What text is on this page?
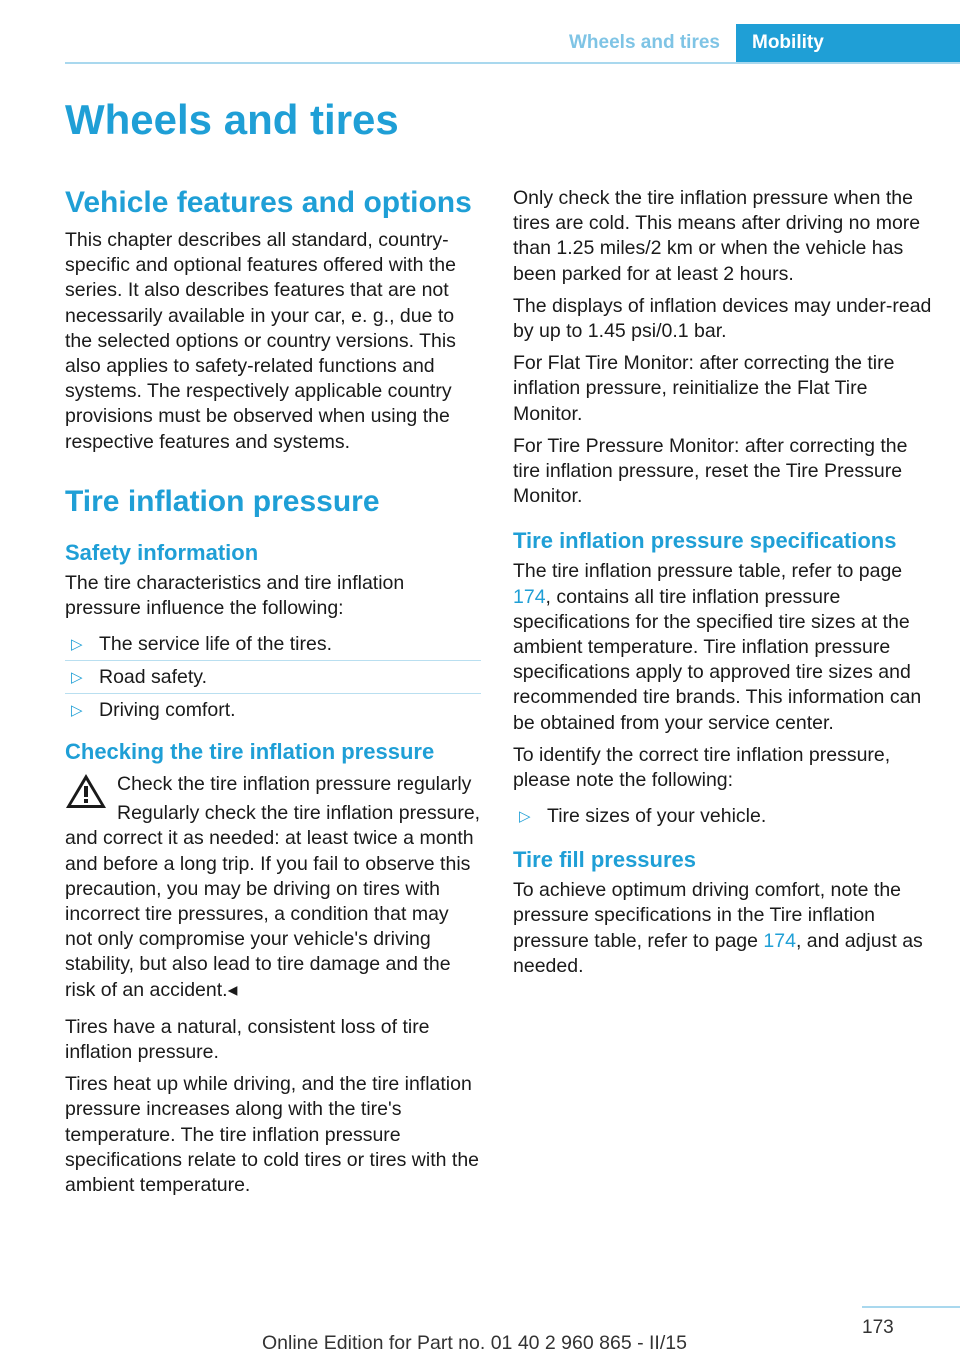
Wheels and tires	Mobility
Wheels and tires
Vehicle features and options

This chapter describes all standard, country-specific and optional features offered with the series. It also describes features that are not necessarily available in your car, e. g., due to the selected options or country versions. This also applies to safety-related functions and systems. The respectively applicable country provisions must be observed when using the respective features and systems.

Tire inflation pressure
Safety information

The tire characteristics and tire inflation pressure influence the following:

▷ The service life of the tires.
▷ Road safety.
▷ Driving comfort.
Checking the tire inflation pressure

Check the tire inflation pressure regularly

Regularly check the tire inflation pressure, and correct it as needed: at least twice a month and before a long trip. If you fail to observe this precaution, you may be driving on tires with incorrect tire pressures, a condition that may not only compromise your vehicle's driving stability, but also lead to tire damage and the risk of an accident.◂

Tires have a natural, consistent loss of tire inflation pressure.

Tires heat up while driving, and the tire inflation pressure increases along with the tire's temperature. The tire inflation pressure specifications relate to cold tires or tires with the ambient temperature.

Only check the tire inflation pressure when the tires are cold. This means after driving no more than 1.25 miles/2 km or when the vehicle has been parked for at least 2 hours.

The displays of inflation devices may under-read by up to 1.45 psi/0.1 bar.

For Flat Tire Monitor: after correcting the tire inflation pressure, reinitialize the Flat Tire Monitor.

For Tire Pressure Monitor: after correcting the tire inflation pressure, reset the Tire Pressure Monitor.

Tire inflation pressure specifications

The tire inflation pressure table, refer to page 174, contains all tire inflation pressure specifications for the specified tire sizes at the ambient temperature. Tire inflation pressure specifications apply to approved tire sizes and recommended tire brands. This information can be obtained from your service center.

To identify the correct tire inflation pressure, please note the following:

▷ Tire sizes of your vehicle.
Tire fill pressures

To achieve optimum driving comfort, note the pressure specifications in the Tire inflation pressure table, refer to page 174, and adjust as needed.

173
Online Edition for Part no. 01 40 2 960 865 - II/15
